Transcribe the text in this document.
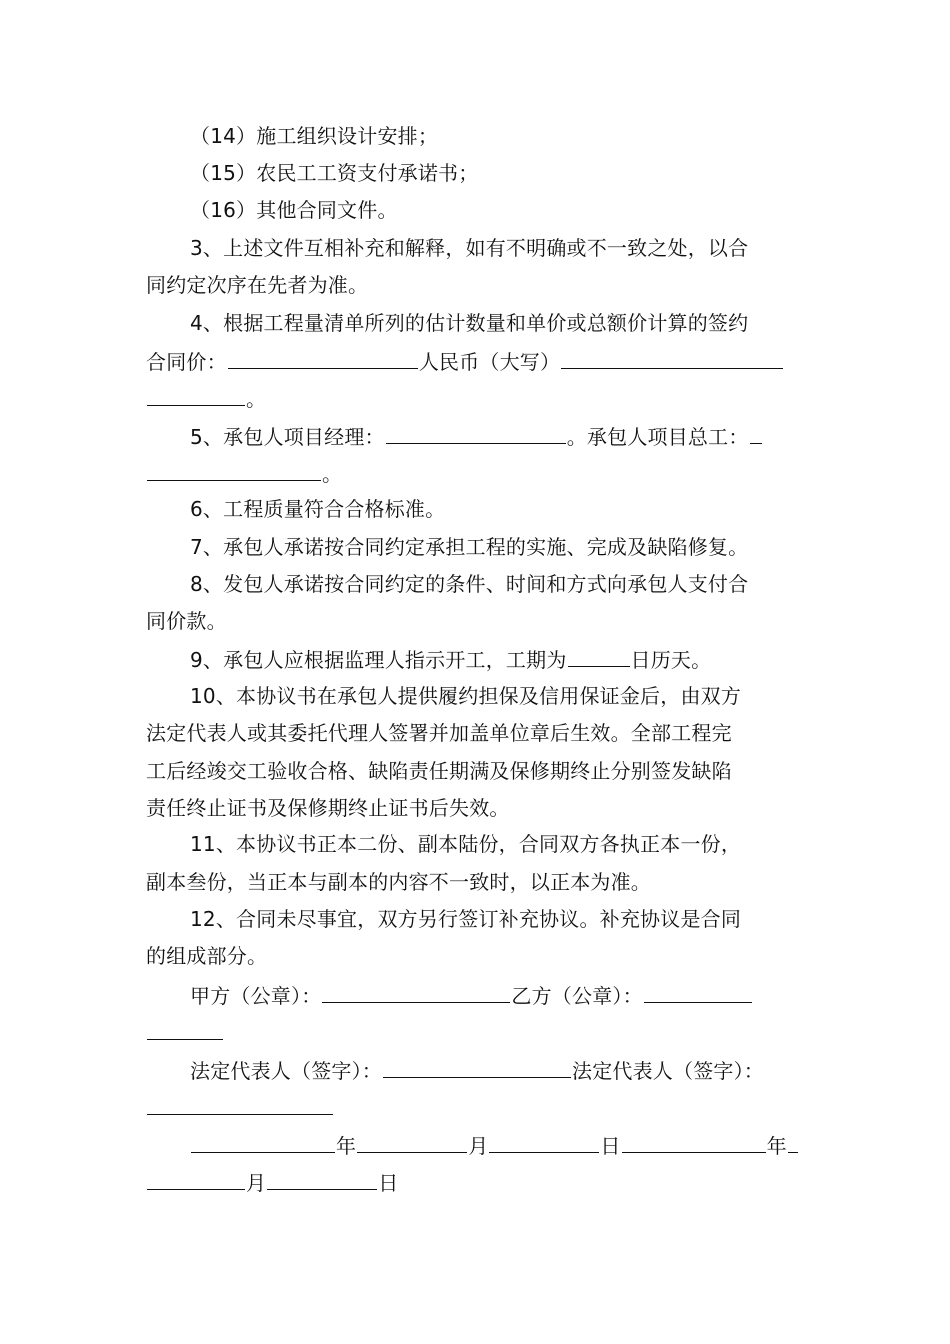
（14）施工组织设计安排；
（15）农民工工资支付承诺书；
（16）其他合同文件。
3、上述文件互相补充和解释，如有不明确或不一致之处，以合
同约定次序在先者为准。
4、根据工程量清单所列的估计数量和单价或总额价计算的签约
合同价：	人民币（大写）
。
5、承包人项目经理：	。承包人项目总工：
。
6、工程质量符合合格标准。
7、承包人承诺按合同约定承担工程的实施、完成及缺陷修复。
8、发包人承诺按合同约定的条件、时间和方式向承包人支付合
同价款。
9、承包人应根据监理人指示开工，工期为	日历天。
10、本协议书在承包人提供履约担保及信用保证金后，由双方
法定代表人或其委托代理人签署并加盖单位章后生效。全部工程完
工后经竣交工验收合格、缺陷责任期满及保修期终止分别签发缺陷
责任终止证书及保修期终止证书后失效。
11、本协议书正本二份、副本陆份，合同双方各执正本一份，
副本叁份，当正本与副本的内容不一致时，以正本为准。
12、合同未尽事宜，双方另行签订补充协议。补充协议是合同
的组成部分。
甲方（公章）：	乙方（公章）：
法定代表人（签字）：	法定代表人（签字）：
年	月	日	年
月	日
